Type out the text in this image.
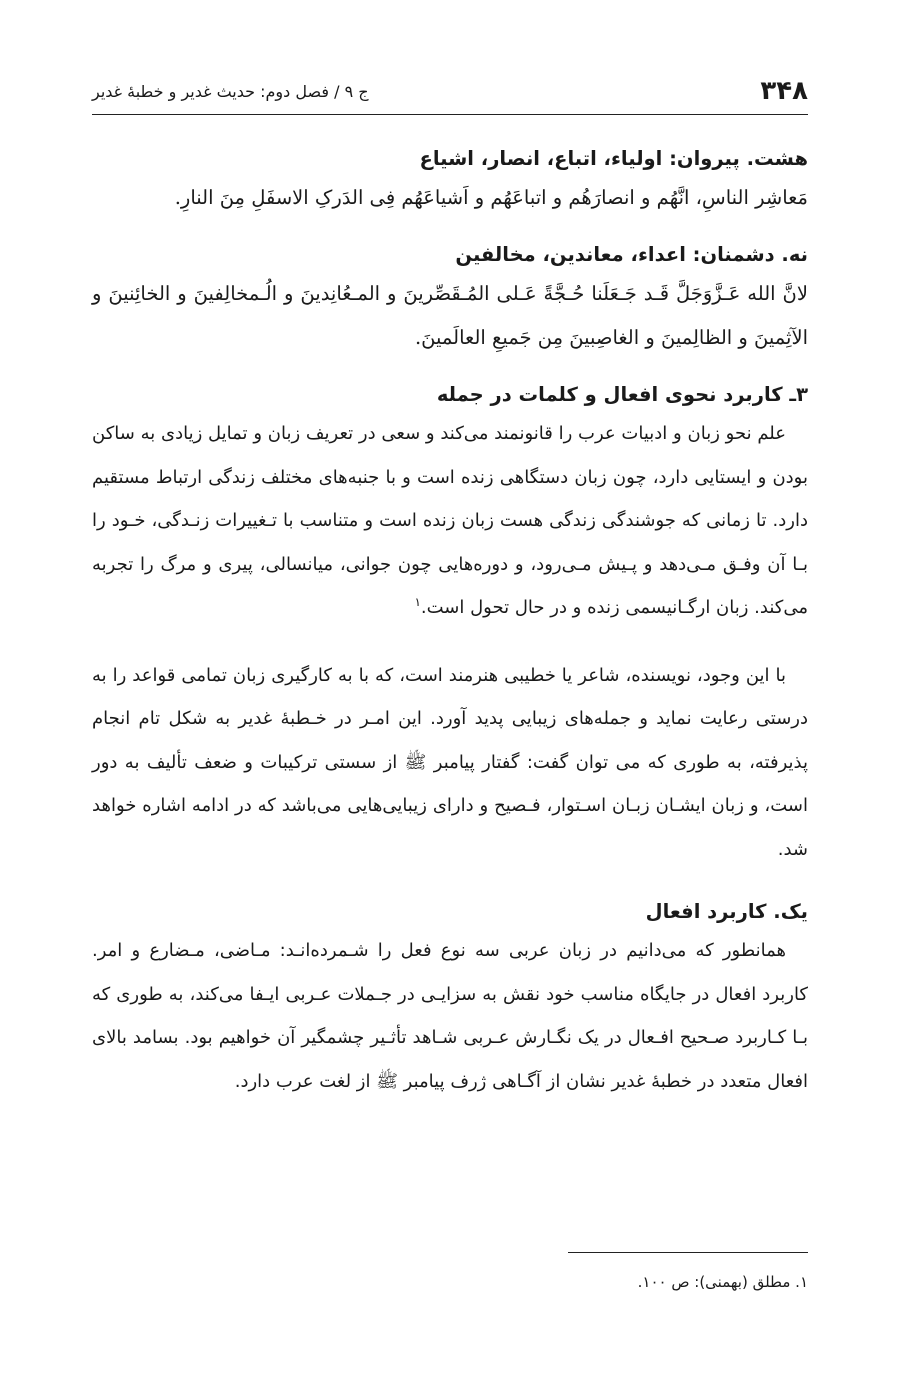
۳۴۸
ج ۹ / فصل دوم: حدیث غدیر و خطبهٔ غدیر
هشت. پیروان: اولیاء، اتباع، انصار، اشیاع

مَعاشِر الناسِ، انَّهُم و انصارَهُم و اتباعَهُم و اَشیاعَهُم فِی الدَرکِ الاسفَلِ مِنَ النارِ.

نه. دشمنان: اعداء، معاندین، مخالفین

لانَّ الله عَـزَّوَجَلَّ قَـد جَـعَلَنا حُـجَّةً عَـلی المُـقَصِّرینَ و المـعُانِدینَ و الُـمخالِفینَ و الخائِنینَ و الآثِمینَ و الظالِمینَ و الغاصِبینَ مِن جَمیعِ العالَمینَ.

۳ـ کاربرد نحوی افعال و کلمات در جمله

علم نحو زبان و ادبیات عرب را قانونمند می‌کند و سعی در تعریف زبان و تمایل زیادی به ساکن بودن و ایستایی دارد، چون زبان دستگاهی زنده است و با جنبه‌های مختلف زندگی ارتباط مستقیم دارد. تا زمانی که جوشندگی زندگی هست زبان زنده است و متناسب با تـغییرات زنـدگی، خـود را بـا آن وفـق مـی‌دهد و پـیش مـی‌رود، و دوره‌هایی چون جوانی، میانسالی، پیری و مرگ را تجربه می‌کند. زبان ارگـانیسمی زنده و در حال تحول است.$^۱$

با این وجود، نویسنده، شاعر یا خطیبی هنرمند است، که با به کارگیری زبان تمامی قواعد را به درستی رعایت نماید و جمله‌های زیبایی پدید آورد. این امـر در خـطبهٔ غدیر به شکل تام انجام پذیرفته، به طوری که می توان گفت: گفتار پیامبر ﷺ از سستی ترکیبات و ضعف تألیف به دور است، و زبان ایشـان زبـان اسـتوار، فـصیح و دارای زیبایی‌هایی می‌باشد که در ادامه اشاره خواهد شد.

یک. کاربرد افعال

همانطور که می‌دانیم در زبان عربی سه نوع فعل را شـمرده‌انـد: مـاضی، مـضارع و امر. کاربرد افعال در جایگاه مناسب خود نقش به سزایـی در جـملات عـربی ایـفا می‌کند، به طوری که بـا کـاربرد صـحیح افـعال در یک نگـارش عـربی شـاهد تأثـیر چشمگیر آن خواهیم بود. بسامد بالای افعال متعدد در خطبهٔ غدیر نشان از آگـاهی ژرف پیامبر ﷺ از لغت عرب دارد.

۱. مطلق (بهمنی): ص ۱۰۰.
